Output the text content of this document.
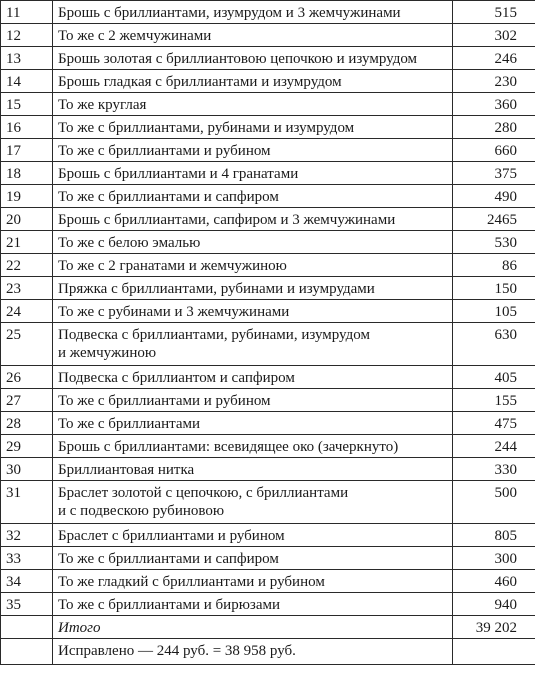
11	Брошь с бриллиантами, изумрудом и 3 жемчужинами	515
12	То же с 2 жемчужинами	302
13	Брошь золотая с бриллиантовою цепочкою и изумрудом	246
14	Брошь гладкая с бриллиантами и изумрудом	230
15	То же круглая	360
16	То же с бриллиантами, рубинами и изумрудом	280
17	То же с бриллиантами и рубином	660
18	Брошь с бриллиантами и 4 гранатами	375
19	То же с бриллиантами и сапфиром	490
20	Брошь с бриллиантами, сапфиром и 3 жемчужинами	2465
21	То же с белою эмалью	530
22	То же с 2 гранатами и жемчужиною	86
23	Пряжка с бриллиантами, рубинами и изумрудами	150
24	То же с рубинами и 3 жемчужинами	105
25	Подвеска с бриллиантами, рубинами, изумрудом
и жемчужиною	630
26	Подвеска с бриллиантом и сапфиром	405
27	То же с бриллиантами и рубином	155
28	То же с бриллиантами	475
29	Брошь с бриллиантами: всевидящее око (зачеркнуто)	244
30	Бриллиантовая нитка	330
31	Браслет золотой с цепочкою, с бриллиантами
и с подвескою рубиновою	500
32	Браслет с бриллиантами и рубином	805
33	То же с бриллиантами и сапфиром	300
34	То же гладкий с бриллиантами и рубином	460
35	То же с бриллиантами и бирюзами	940
	Итого	39 202
	Исправлено — 244 руб. = 38 958 руб.	
